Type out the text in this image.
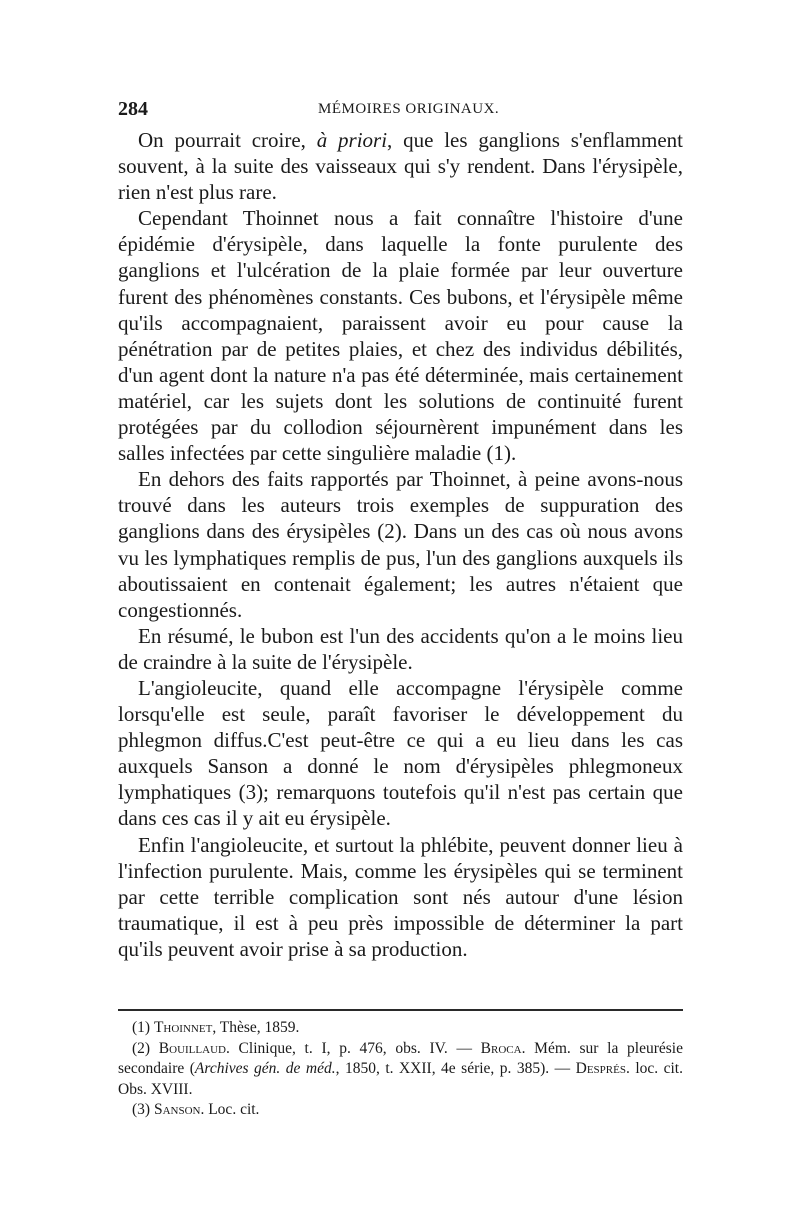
284	MÉMOIRES ORIGINAUX.

On pourrait croire, à priori, que les ganglions s'enflamment souvent, à la suite des vaisseaux qui s'y rendent. Dans l'érysipèle, rien n'est plus rare.

Cependant Thoinnet nous a fait connaître l'histoire d'une épidémie d'érysipèle, dans laquelle la fonte purulente des ganglions et l'ulcération de la plaie formée par leur ouverture furent des phénomènes constants. Ces bubons, et l'érysipèle même qu'ils accompagnaient, paraissent avoir eu pour cause la pénétration par de petites plaies, et chez des individus débilités, d'un agent dont la nature n'a pas été déterminée, mais certainement matériel, car les sujets dont les solutions de continuité furent protégées par du collodion séjournèrent impunément dans les salles infectées par cette singulière maladie (1).

En dehors des faits rapportés par Thoinnet, à peine avons-nous trouvé dans les auteurs trois exemples de suppuration des ganglions dans des érysipèles (2). Dans un des cas où nous avons vu les lymphatiques remplis de pus, l'un des ganglions auxquels ils aboutissaient en contenait également; les autres n'étaient que congestionnés.

En résumé, le bubon est l'un des accidents qu'on a le moins lieu de craindre à la suite de l'érysipèle.

L'angioleucite, quand elle accompagne l'érysipèle comme lorsqu'elle est seule, paraît favoriser le développement du phlegmon diffus.C'est peut-être ce qui a eu lieu dans les cas auxquels Sanson a donné le nom d'érysipèles phlegmoneux lymphatiques (3); remarquons toutefois qu'il n'est pas certain que dans ces cas il y ait eu érysipèle.

Enfin l'angioleucite, et surtout la phlébite, peuvent donner lieu à l'infection purulente. Mais, comme les érysipèles qui se terminent par cette terrible complication sont nés autour d'une lésion traumatique, il est à peu près impossible de déterminer la part qu'ils peuvent avoir prise à sa production.

(1) Thoinnet, Thèse, 1859.

(2) Bouillaud. Clinique, t. I, p. 476, obs. IV. — Broca. Mém. sur la pleurésie secondaire (Archives gén. de méd., 1850, t. XXII, 4e série, p. 385). — Després. loc. cit. Obs. XVIII.

(3) Sanson. Loc. cit.
